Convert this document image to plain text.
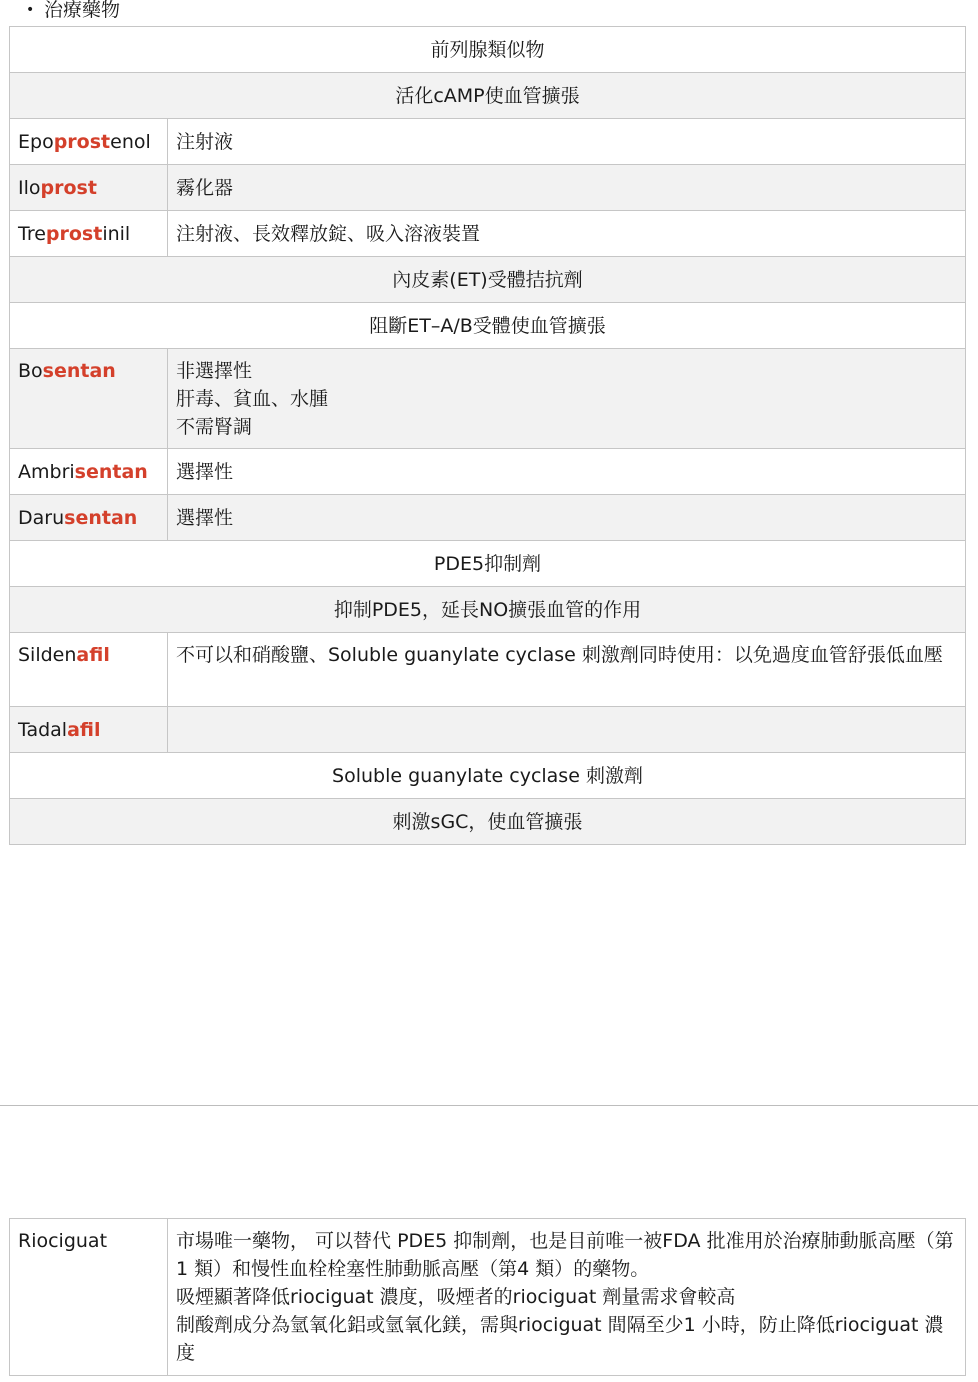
• 治療藥物
前列腺類似物	
活化cAMP使血管擴張	
Epoprostenol	注射液
Iloprost	霧化器
Treprostinil	注射液、長效釋放錠、吸入溶液裝置
內皮素(ET)受體拮抗劑	
阻斷ET–A/B受體使血管擴張	
Bosentan	非選擇性
肝毒、貧血、水腫
不需腎調

Ambrisentan	選擇性
Darusentan	選擇性
PDE5抑制劑	
抑制PDE5，延長NO擴張血管的作用	
Sildenafil	不可以和硝酸鹽、Soluble guanylate cyclase 刺激劑同時使用：以免過度血管舒張低血壓
Tadalafil	
Soluble guanylate cyclase 刺激劑	
刺激sGC，使血管擴張	
Riociguat	市場唯一藥物， 可以替代 PDE5 抑制劑，也是目前唯一被FDA 批准用於治療肺動脈高壓（第1 類）和慢性血栓栓塞性肺動脈高壓（第4 類）的藥物。
吸煙顯著降低riociguat 濃度，吸煙者的riociguat 劑量需求會較高
制酸劑成分為氫氧化鋁或氫氧化鎂，需與riociguat 間隔至少1 小時，防止降低riociguat 濃度
